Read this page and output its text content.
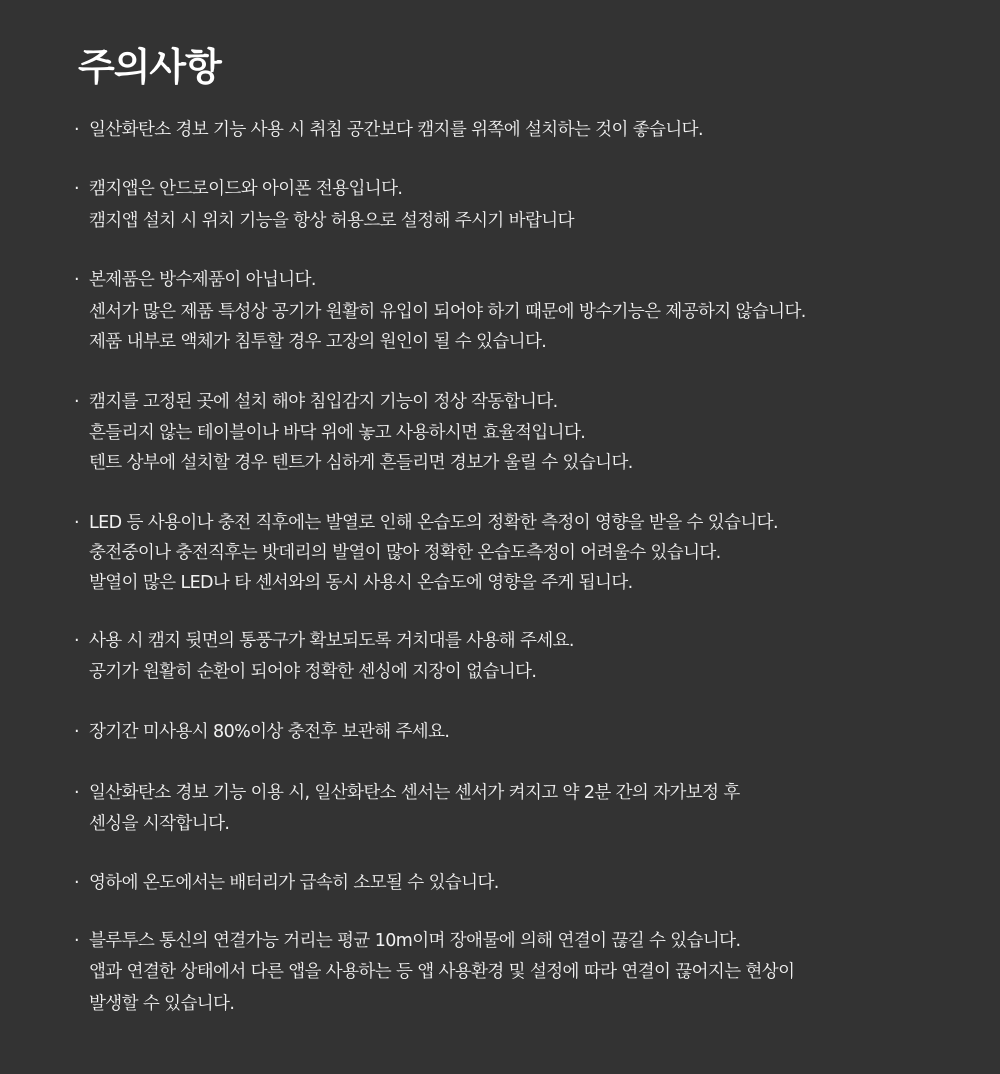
주의사항
· 일산화탄소 경보 기능 사용 시 취침 공간보다 캠지를 위쪽에 설치하는 것이 좋습니다.
· 캠지앱은 안드로이드와 아이폰 전용입니다.
캠지앱 설치 시 위치 기능을 항상 허용으로 설정해 주시기 바랍니다
· 본제품은 방수제품이 아닙니다.
센서가 많은 제품 특성상 공기가 원활히 유입이 되어야 하기 때문에 방수기능은 제공하지 않습니다.
제품 내부로 액체가 침투할 경우 고장의 원인이 될 수 있습니다.
· 캠지를 고정된 곳에 설치 해야 침입감지 기능이 정상 작동합니다.
흔들리지 않는 테이블이나 바닥 위에 놓고 사용하시면 효율적입니다.
텐트 상부에 설치할 경우 텐트가 심하게 흔들리면 경보가 울릴 수 있습니다.
· LED 등 사용이나 충전 직후에는 발열로 인해 온습도의 정확한 측정이 영향을 받을 수 있습니다.
충전중이나 충전직후는 밧데리의 발열이 많아 정확한 온습도측정이 어려울수 있습니다.
발열이 많은 LED나 타 센서와의 동시 사용시 온습도에 영향을 주게 됩니다.
· 사용 시 캠지 뒷면의 통풍구가 확보되도록 거치대를 사용해 주세요.
공기가 원활히 순환이 되어야 정확한 센싱에 지장이 없습니다.
· 장기간 미사용시 80%이상 충전후 보관해 주세요.
· 일산화탄소 경보 기능 이용 시, 일산화탄소 센서는 센서가 켜지고 약 2분 간의 자가보정 후
센싱을 시작합니다.
· 영하에 온도에서는 배터리가 급속히 소모될 수 있습니다.
· 블루투스 통신의 연결가능 거리는 평균 10m이며 장애물에 의해 연결이 끊길 수 있습니다.
앱과 연결한 상태에서 다른 앱을 사용하는 등 앱 사용환경 및 설정에 따라 연결이 끊어지는 현상이
발생할 수 있습니다.
